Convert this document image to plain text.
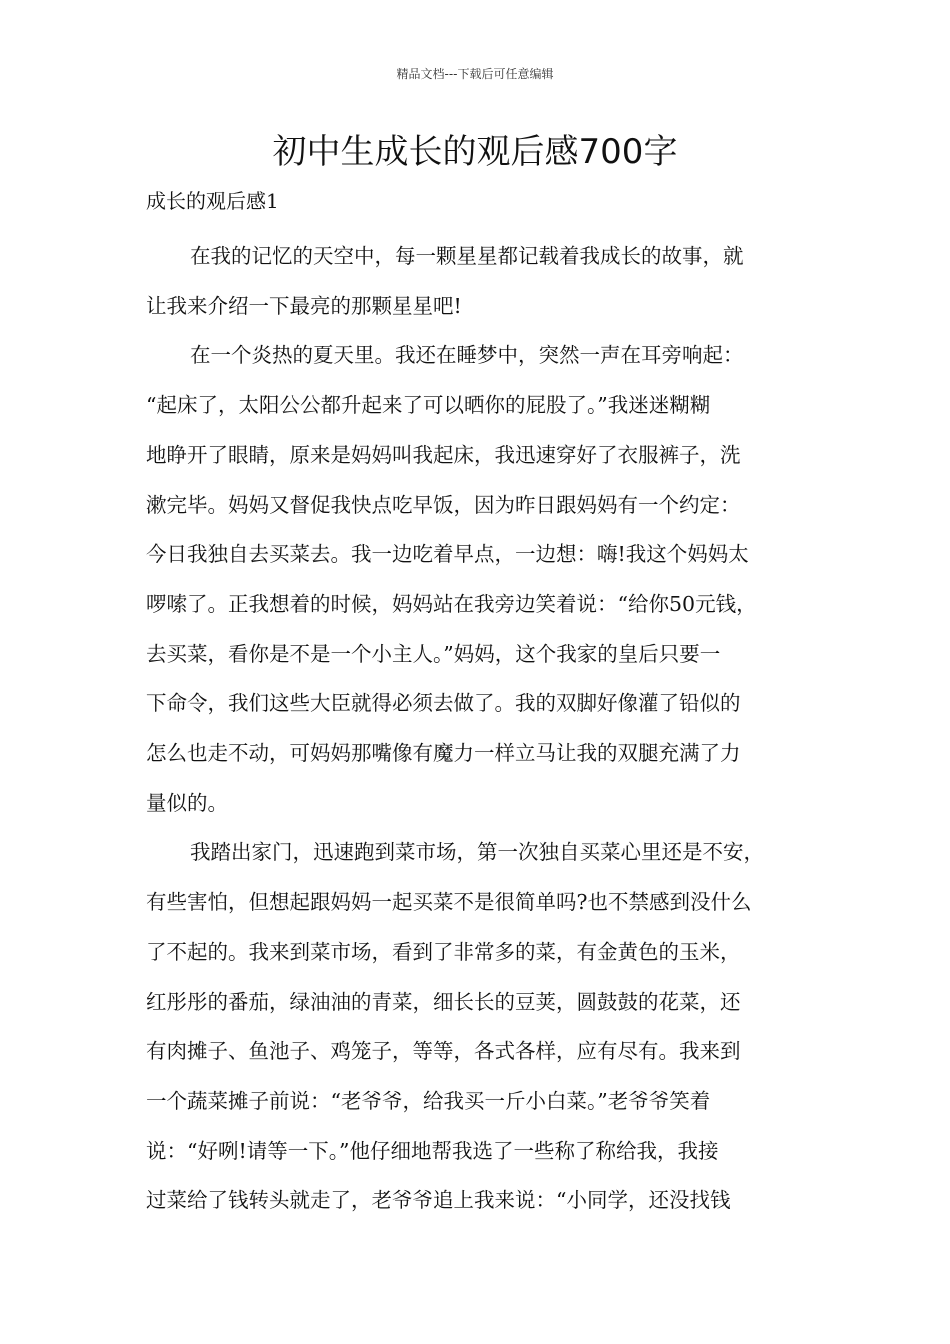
精品文档---下载后可任意编辑
初中生成长的观后感700字
成长的观后感1

在我的记忆的天空中，每一颗星星都记载着我成长的故事，就
让我来介绍一下最亮的那颗星星吧!

在一个炎热的夏天里。我还在睡梦中，突然一声在耳旁响起：
“起床了，太阳公公都升起来了可以晒你的屁股了。”我迷迷糊糊
地睁开了眼睛，原来是妈妈叫我起床，我迅速穿好了衣服裤子，洗
漱完毕。妈妈又督促我快点吃早饭，因为昨日跟妈妈有一个约定：
今日我独自去买菜去。我一边吃着早点，一边想：嗨!我这个妈妈太
啰嗦了。正我想着的时候，妈妈站在我旁边笑着说：“给你50元钱，
去买菜，看你是不是一个小主人。”妈妈，这个我家的皇后只要一
下命令，我们这些大臣就得必须去做了。我的双脚好像灌了铅似的
怎么也走不动，可妈妈那嘴像有魔力一样立马让我的双腿充满了力
量似的。

我踏出家门，迅速跑到菜市场，第一次独自买菜心里还是不安，
有些害怕，但想起跟妈妈一起买菜不是很简单吗?也不禁感到没什么
了不起的。我来到菜市场，看到了非常多的菜，有金黄色的玉米，
红彤彤的番茄，绿油油的青菜，细长长的豆荚，圆鼓鼓的花菜，还
有肉摊子、鱼池子、鸡笼子，等等，各式各样，应有尽有。我来到
一个蔬菜摊子前说：“老爷爷，给我买一斤小白菜。”老爷爷笑着
说：“好咧!请等一下。”他仔细地帮我选了一些称了称给我，我接
过菜给了钱转头就走了，老爷爷追上我来说：“小同学，还没找钱
